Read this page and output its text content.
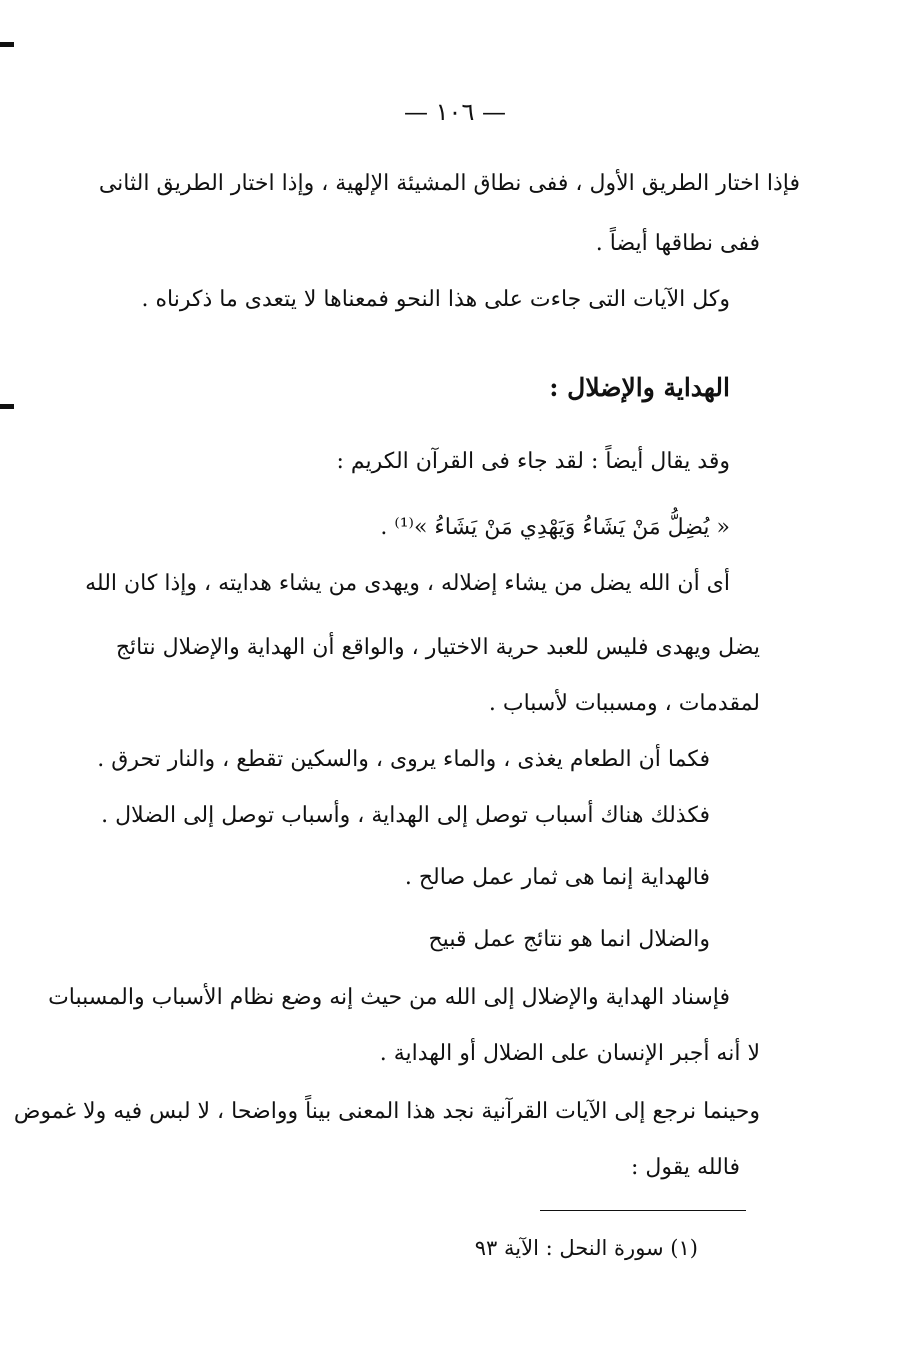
— ١٠٦ —
فإذا اختار الطريق الأول ، ففى نطاق المشيئة الإلهية ، وإذا اختار الطريق الثانى
ففى نطاقها أيضاً .
وكل الآيات التى جاءت على هذا النحو فمعناها لا يتعدى ما ذكرناه .
الهداية والإضلال :
وقد يقال أيضاً : لقد جاء فى القرآن الكريم :
« يُضِلُّ مَنْ يَشَاءُ وَيَهْدِي مَنْ يَشَاءُ »⁽¹⁾ .
أى أن الله يضل من يشاء إضلاله ، ويهدى من يشاء هدايته ، وإذا كان الله
يضل ويهدى فليس للعبد حرية الاختيار ، والواقع أن الهداية والإضلال نتائج
لمقدمات ، ومسببات لأسباب .
فكما أن الطعام يغذى ، والماء يروى ، والسكين تقطع ، والنار تحرق .
فكذلك هناك أسباب توصل إلى الهداية ، وأسباب توصل إلى الضلال .
فالهداية إنما هى ثمار عمل صالح .
والضلال انما هو نتائج عمل قبيح
فإسناد الهداية والإضلال إلى الله من حيث إنه وضع نظام الأسباب والمسببات
لا أنه أجبر الإنسان على الضلال أو الهداية .
وحينما نرجع إلى الآيات القرآنية نجد هذا المعنى بيناً وواضحا ، لا لبس فيه ولا غموض
فالله يقول :
(١) سورة النحل : الآية ٩٣
